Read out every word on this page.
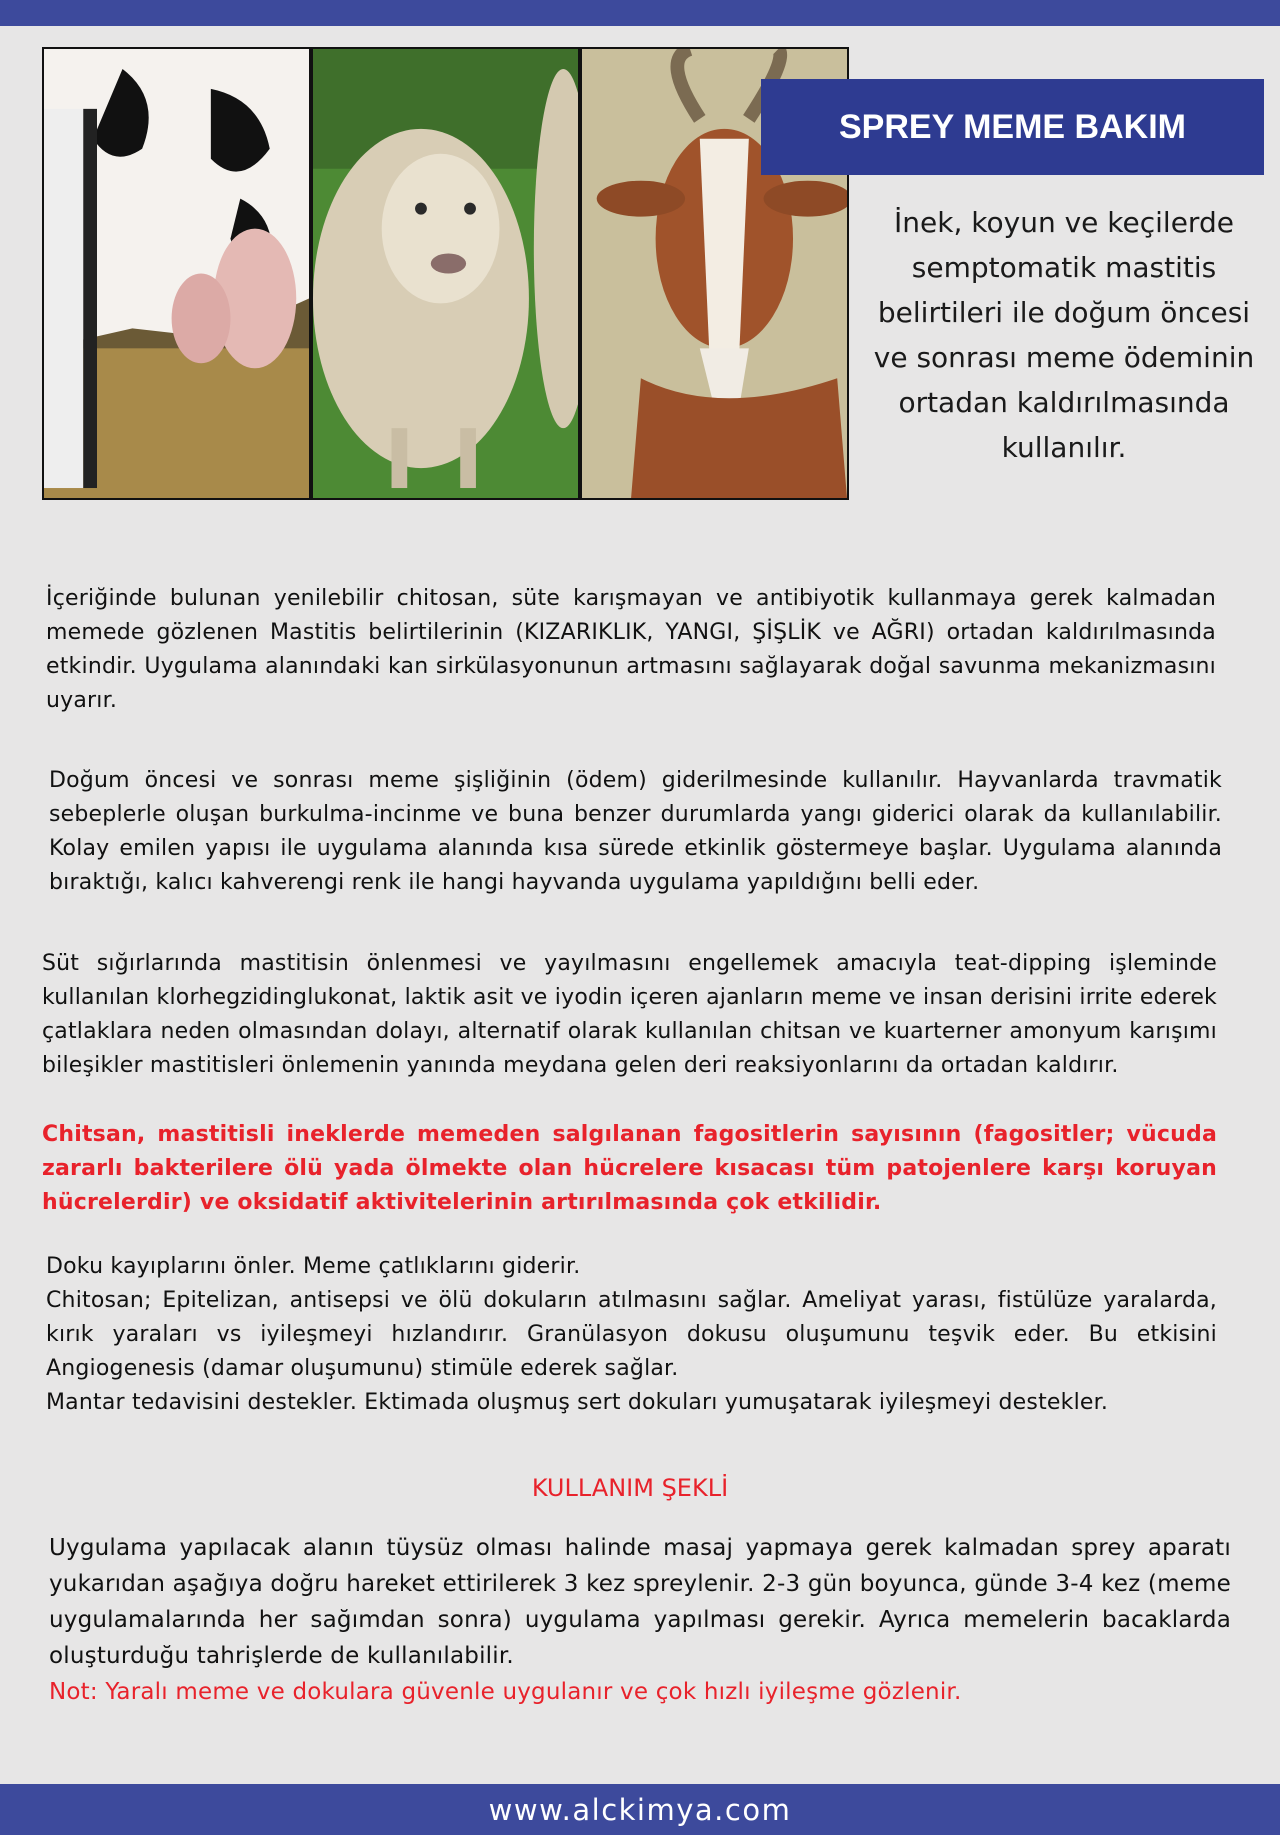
SPREY MEME BAKIM
İnek, koyun ve keçilerde semptomatik mastitis belirtileri ile doğum öncesi ve sonrası meme ödeminin ortadan kaldırılmasında kullanılır.
İçeriğinde bulunan yenilebilir chitosan, süte karışmayan ve antibiyotik kullanmaya gerek kalmadan memede gözlenen Mastitis belirtilerinin (KIZARIKLIK, YANGI, ŞİŞLİK ve AĞRI) ortadan kaldırılmasında etkindir. Uygulama alanındaki kan sirkülasyonunun artmasını sağlayarak doğal savunma mekanizmasını uyarır.
Doğum öncesi ve sonrası meme şişliğinin (ödem) giderilmesinde kullanılır. Hayvanlarda travmatik sebeplerle oluşan burkulma-incinme ve buna benzer durumlarda yangı giderici olarak da kullanılabilir. Kolay emilen yapısı ile uygulama alanında kısa sürede etkinlik göstermeye başlar. Uygulama alanında bıraktığı, kalıcı kahverengi renk ile hangi hayvanda uygulama yapıldığını belli eder.
Süt sığırlarında mastitisin önlenmesi ve yayılmasını engellemek amacıyla teat-dipping işleminde kullanılan klorhegzidinglukonat, laktik asit ve iyodin içeren ajanların meme ve insan derisini irrite ederek çatlaklara neden olmasından dolayı, alternatif olarak kullanılan chitsan ve kuarterner amonyum karışımı bileşikler mastitisleri önlemenin yanında meydana gelen deri reaksiyonlarını da ortadan kaldırır.
Chitsan, mastitisli ineklerde memeden salgılanan fagositlerin sayısının (fagositler; vücuda zararlı bakterilere ölü yada ölmekte olan hücrelere kısacası tüm patojenlere karşı koruyan hücrelerdir) ve oksidatif aktivitelerinin artırılmasında çok etkilidir.
Doku kayıplarını önler. Meme çatlıklarını giderir.
Chitosan; Epitelizan, antisepsi ve ölü dokuların atılmasını sağlar. Ameliyat yarası, fistülüze yaralarda, kırık yaraları vs iyileşmeyi hızlandırır. Granülasyon dokusu oluşumunu teşvik eder. Bu etkisini Angiogenesis (damar oluşumunu) stimüle ederek sağlar.
Mantar tedavisini destekler. Ektimada oluşmuş sert dokuları yumuşatarak iyileşmeyi destekler.
KULLANIM ŞEKLİ
Uygulama yapılacak alanın tüysüz olması halinde masaj yapmaya gerek kalmadan sprey aparatı yukarıdan aşağıya doğru hareket ettirilerek 3 kez spreylenir. 2-3 gün boyunca, günde 3-4 kez (meme uygulamalarında her sağımdan sonra) uygulama yapılması gerekir. Ayrıca memelerin bacaklarda oluşturduğu tahrişlerde de kullanılabilir.
Not: Yaralı meme ve dokulara güvenle uygulanır ve çok hızlı iyileşme gözlenir.
www.alckimya.com
